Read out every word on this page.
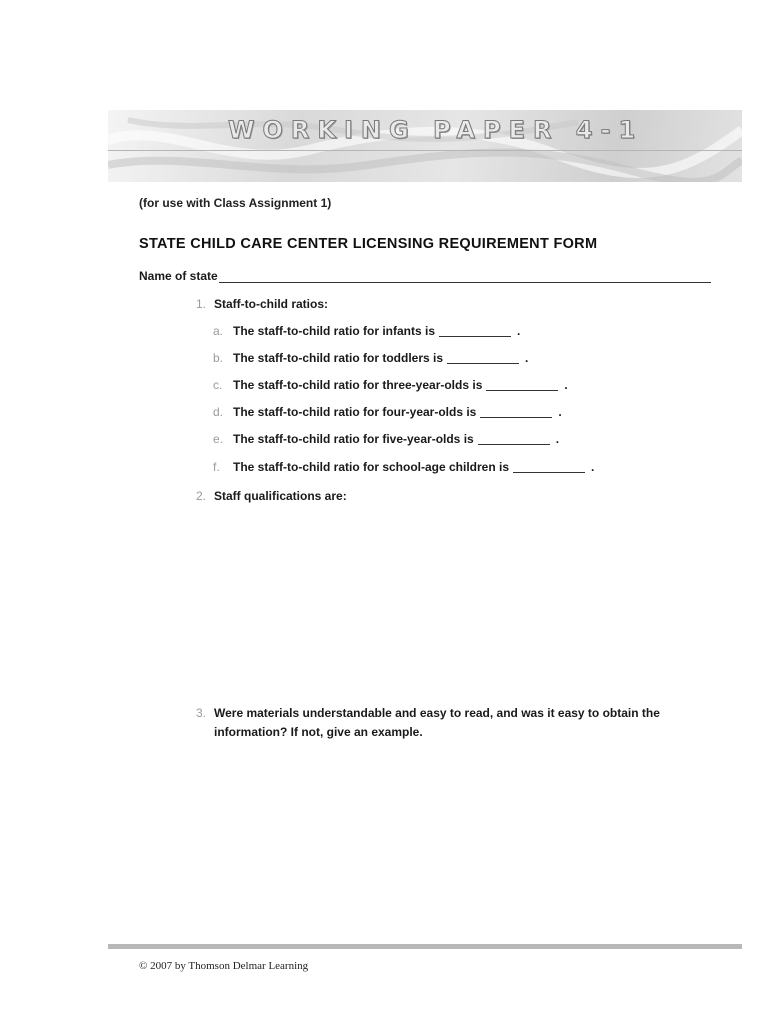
WORKING PAPER 4-1
(for use with Class Assignment 1)
STATE CHILD CARE CENTER LICENSING REQUIREMENT FORM
Name of state
1. Staff-to-child ratios:
a. The staff-to-child ratio for infants is	.
b. The staff-to-child ratio for toddlers is	.
c. The staff-to-child ratio for three-year-olds is	.
d. The staff-to-child ratio for four-year-olds is	.
e. The staff-to-child ratio for five-year-olds is	.
f. The staff-to-child ratio for school-age children is	.
2. Staff qualifications are:
3. Were materials understandable and easy to read, and was it easy to obtain the information? If not, give an example.
© 2007 by Thomson Delmar Learning
